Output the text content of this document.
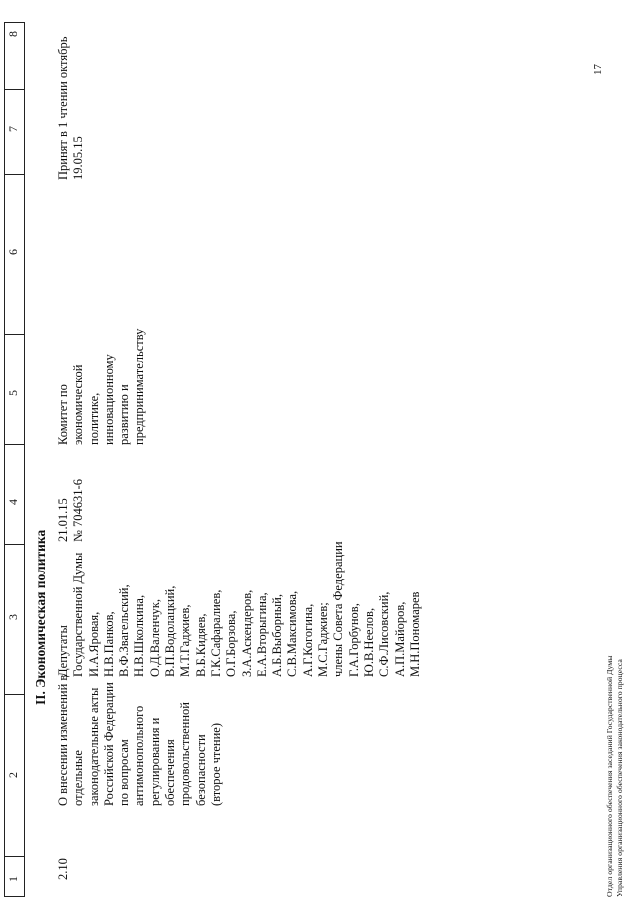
1
2
3
4
5
6
7
8
II. Экономическая политика
2.10
О внесении изменений в отдельные законодательные акты Российской Федерации по вопросам антимонопольного регулирования и обеспечения продовольственной безопасности (второе чтение)
Депутаты Государственной Думы И.А.Яровая, Н.В.Панков, В.Ф.Звагельский, Н.В.Школкина, О.Д.Валенчук, В.П.Водолацкий, М.Т.Гаджиев, В.Б.Кидяев, Г.К.Сафаралиев, О.Г.Борзова, З.А.Аскендеров, Е.А.Вторыгина, А.Б.Выборный, С.В.Максимова, А.Г.Когогина, М.С.Гаджиев; члены Совета Федерации Г.А.Горбунов, Ю.В.Неелов, С.Ф.Лисовский, А.П.Майоров, М.Н.Пономарев
21.01.15 № 704631-6
Комитет по экономической политике, инновационному развитию и предпринимательству
Принят в 1 чтении октябрь 19.05.15
17
Отдел организационного обеспечения заседаний Государственной Думы Управления организационного обеспечения законодательного процесса
